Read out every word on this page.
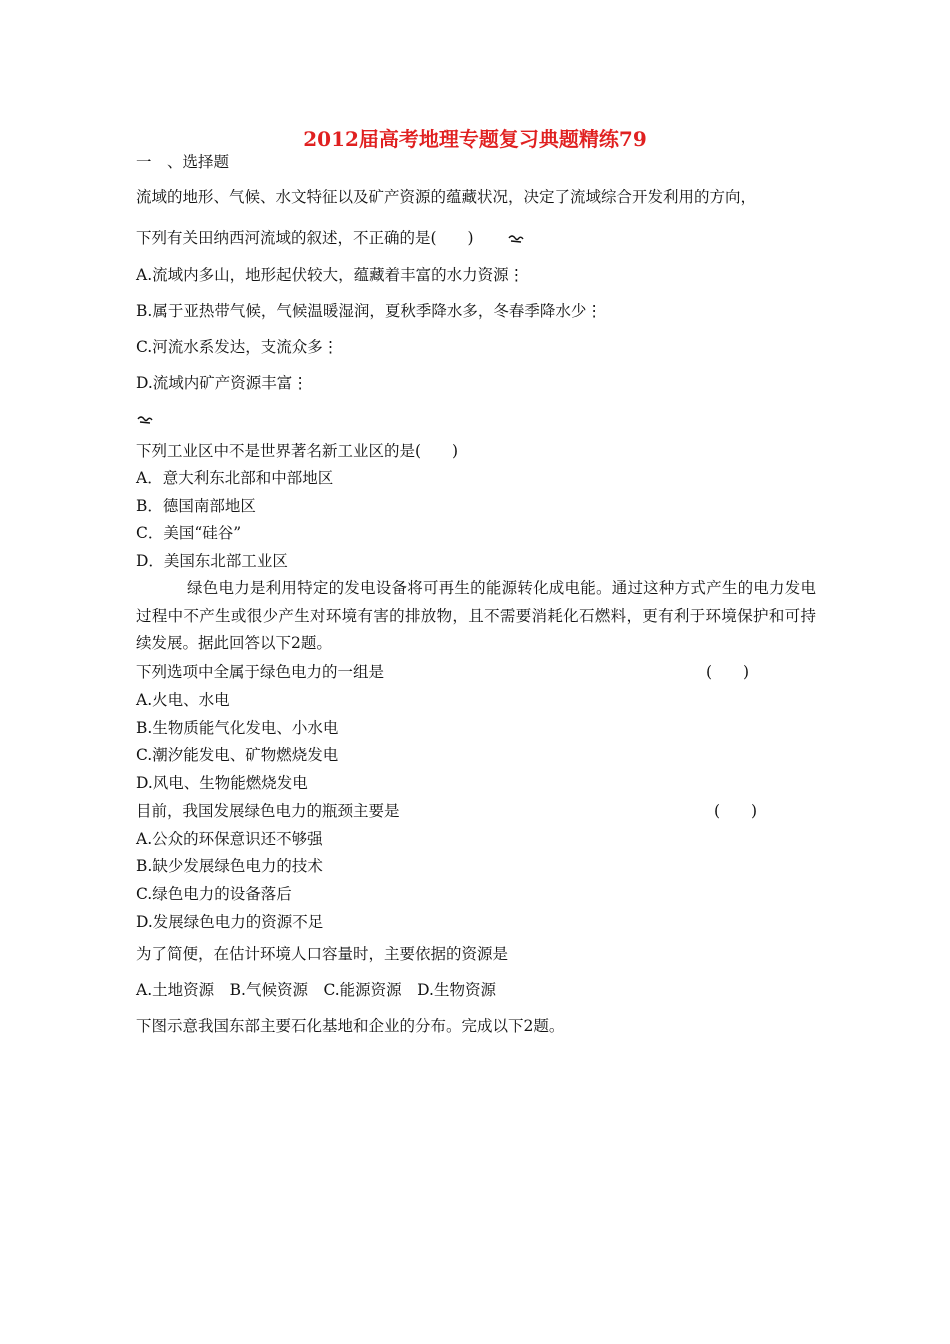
2012届高考地理专题复习典题精练79
一　、选择题
流域的地形、气候、水文特征以及矿产资源的蕴藏状况，决定了流域综合开发利用的方向，
下列有关田纳西河流域的叙述，不正确的是(　　)
A.流域内多山，地形起伏较大，蕴藏着丰富的水力资源⋮
B.属于亚热带气候，气候温暖湿润，夏秋季降水多，冬春季降水少⋮
C.河流水系发达，支流众多⋮
D.流域内矿产资源丰富⋮
下列工业区中不是世界著名新工业区的是(　　)
A．意大利东北部和中部地区
B．德国南部地区
C．美国“硅谷”
D．美国东北部工业区
绿色电力是利用特定的发电设备将可再生的能源转化成电能。通过这种方式产生的电力发电过程中不产生或很少产生对环境有害的排放物，且不需要消耗化石燃料，更有利于环境保护和可持续发展。据此回答以下2题。
下列选项中全属于绿色电力的一组是	(　　)
A.火电、水电
B.生物质能气化发电、小水电
C.潮汐能发电、矿物燃烧发电
D.风电、生物能燃烧发电
目前，我国发展绿色电力的瓶颈主要是	(　　)
A.公众的环保意识还不够强
B.缺少发展绿色电力的技术
C.绿色电力的设备落后
D.发展绿色电力的资源不足
为了简便，在估计环境人口容量时，主要依据的资源是
A.土地资源　B.气候资源　C.能源资源　D.生物资源
下图示意我国东部主要石化基地和企业的分布。完成以下2题。
